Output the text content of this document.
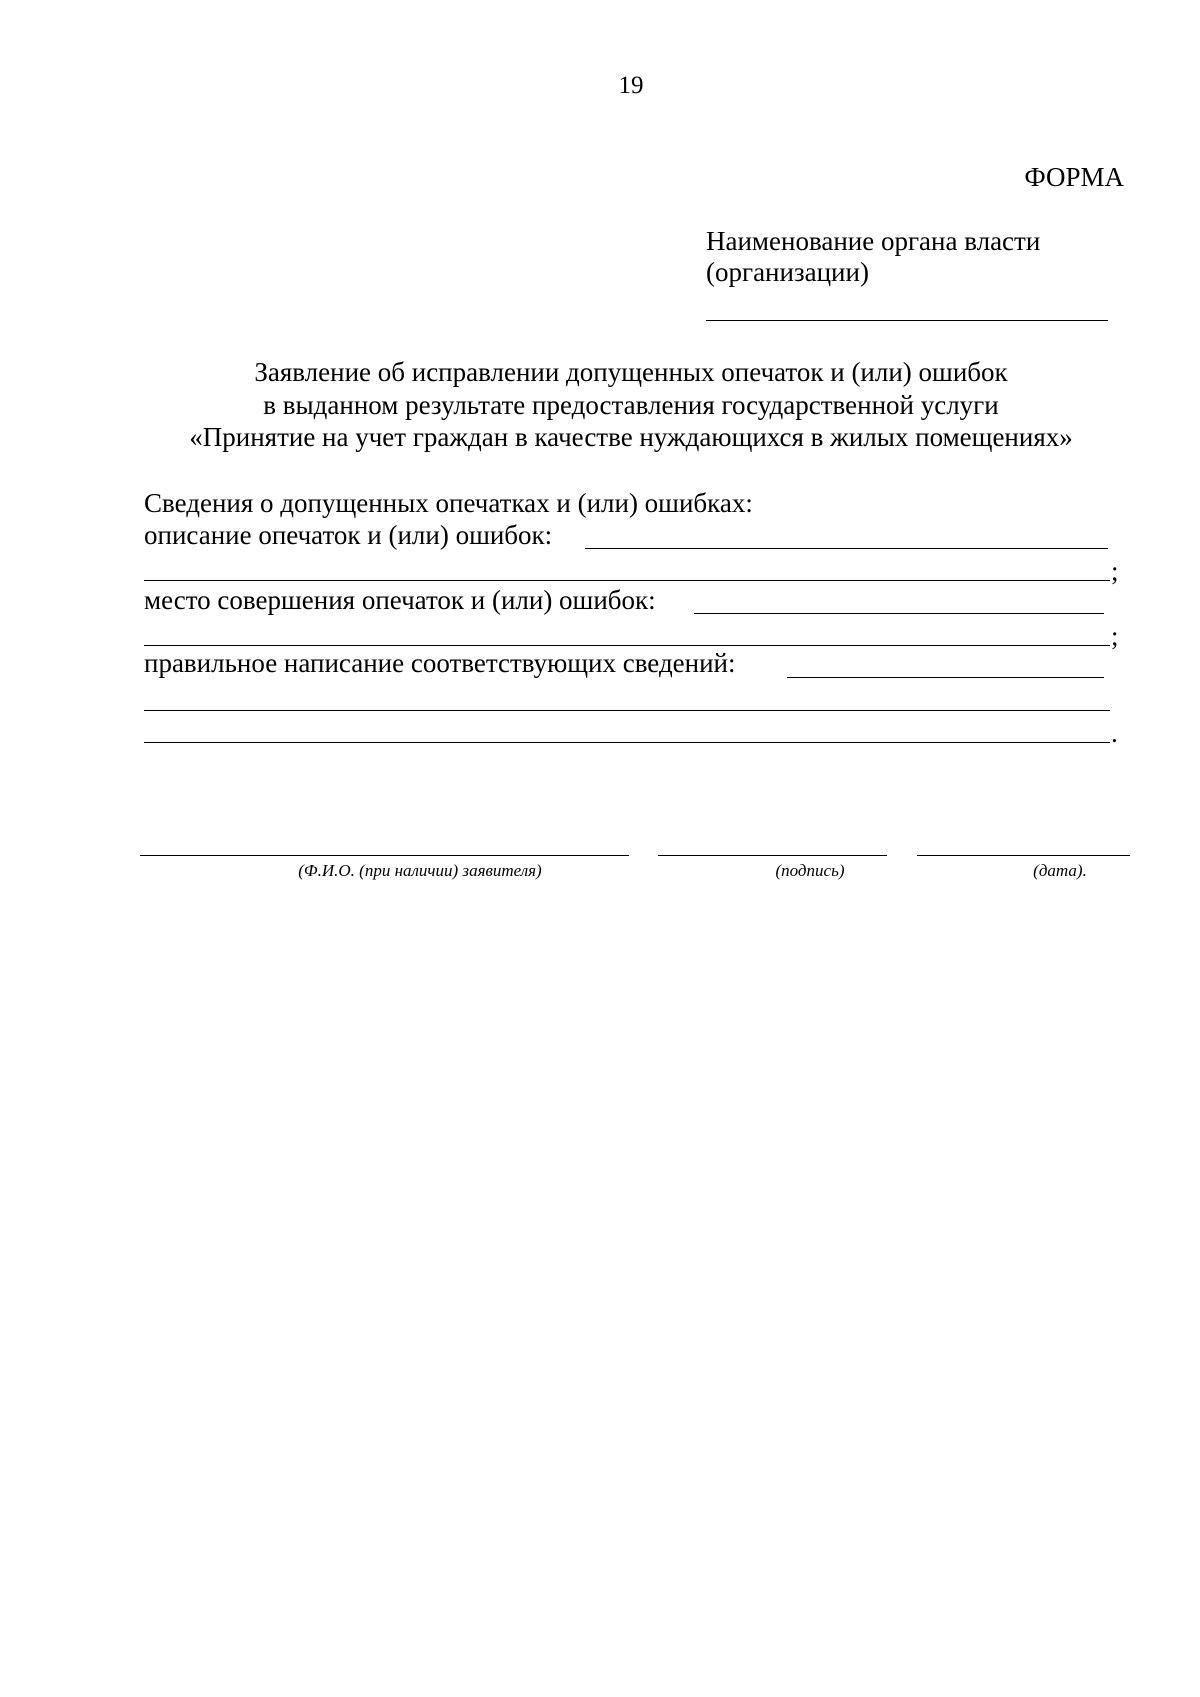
19
ФОРМА
Наименование органа власти
(организации)
Заявление об исправлении допущенных опечаток и (или) ошибок
в выданном результате предоставления государственной услуги
«Принятие на учет граждан в качестве нуждающихся в жилых помещениях»
Сведения о допущенных опечатках и (или) ошибках:
описание опечаток и (или) ошибок:
;
место совершения опечаток и (или) ошибок:
;
правильное написание соответствующих сведений:
.
(Ф.И.О. (при наличии) заявителя)	(подпись)	(дата).
